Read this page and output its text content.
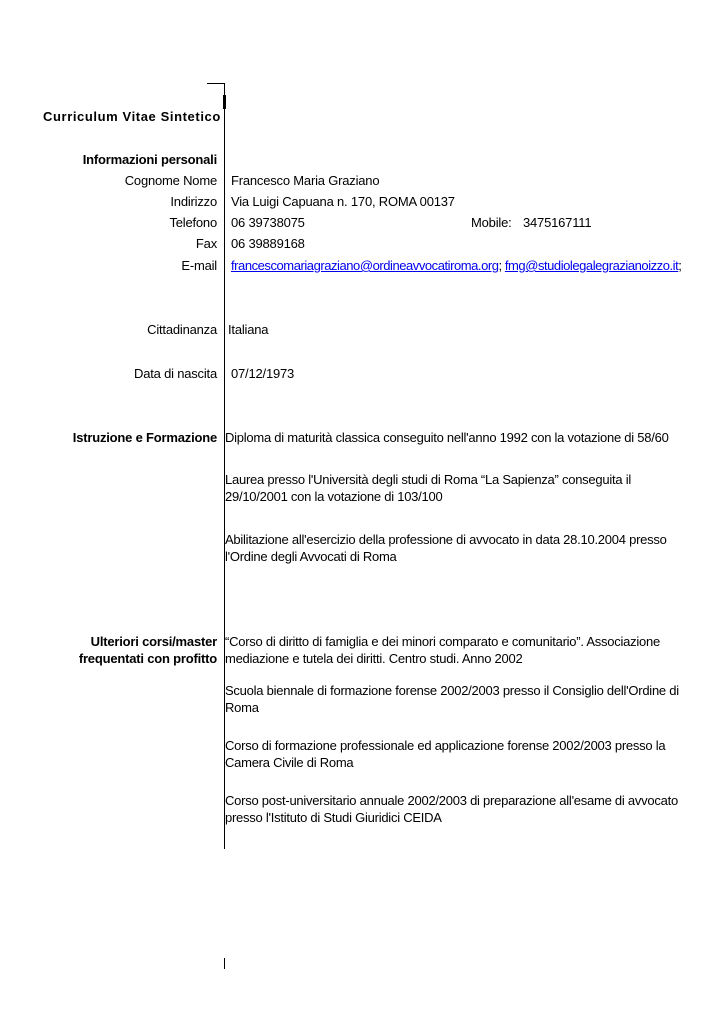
Curriculum Vitae Sintetico
Informazioni personali
Cognome Nome Francesco Maria Graziano
Indirizzo Via Luigi Capuana n. 170, ROMA 00137
Telefono 06 39738075	Mobile: 3475167111
Fax 06 39889168
E-mail francescomariagraziano@ordineavvocatiroma.org; fmg@studiolegalegrazianoizzo.it;
Cittadinanza Italiana
Data di nascita 07/12/1973
Istruzione e Formazione Diploma di maturità classica conseguito nell'anno 1992 con la votazione di 58/60
Laurea presso l'Università degli studi di Roma “La Sapienza” conseguita il 29/10/2001 con la votazione di 103/100
Abilitazione all'esercizio della professione di avvocato in data 28.10.2004 presso l'Ordine degli Avvocati di Roma
Ulteriori corsi/master
frequentati con profitto
“Corso di diritto di famiglia e dei minori comparato e comunitario”. Associazione mediazione e tutela dei diritti. Centro studi. Anno 2002
Scuola biennale di formazione forense 2002/2003 presso il Consiglio dell'Ordine di Roma
Corso di formazione professionale ed applicazione forense 2002/2003 presso la Camera Civile di Roma
Corso post-universitario annuale 2002/2003 di preparazione all'esame di avvocato presso l'Istituto di Studi Giuridici CEIDA
